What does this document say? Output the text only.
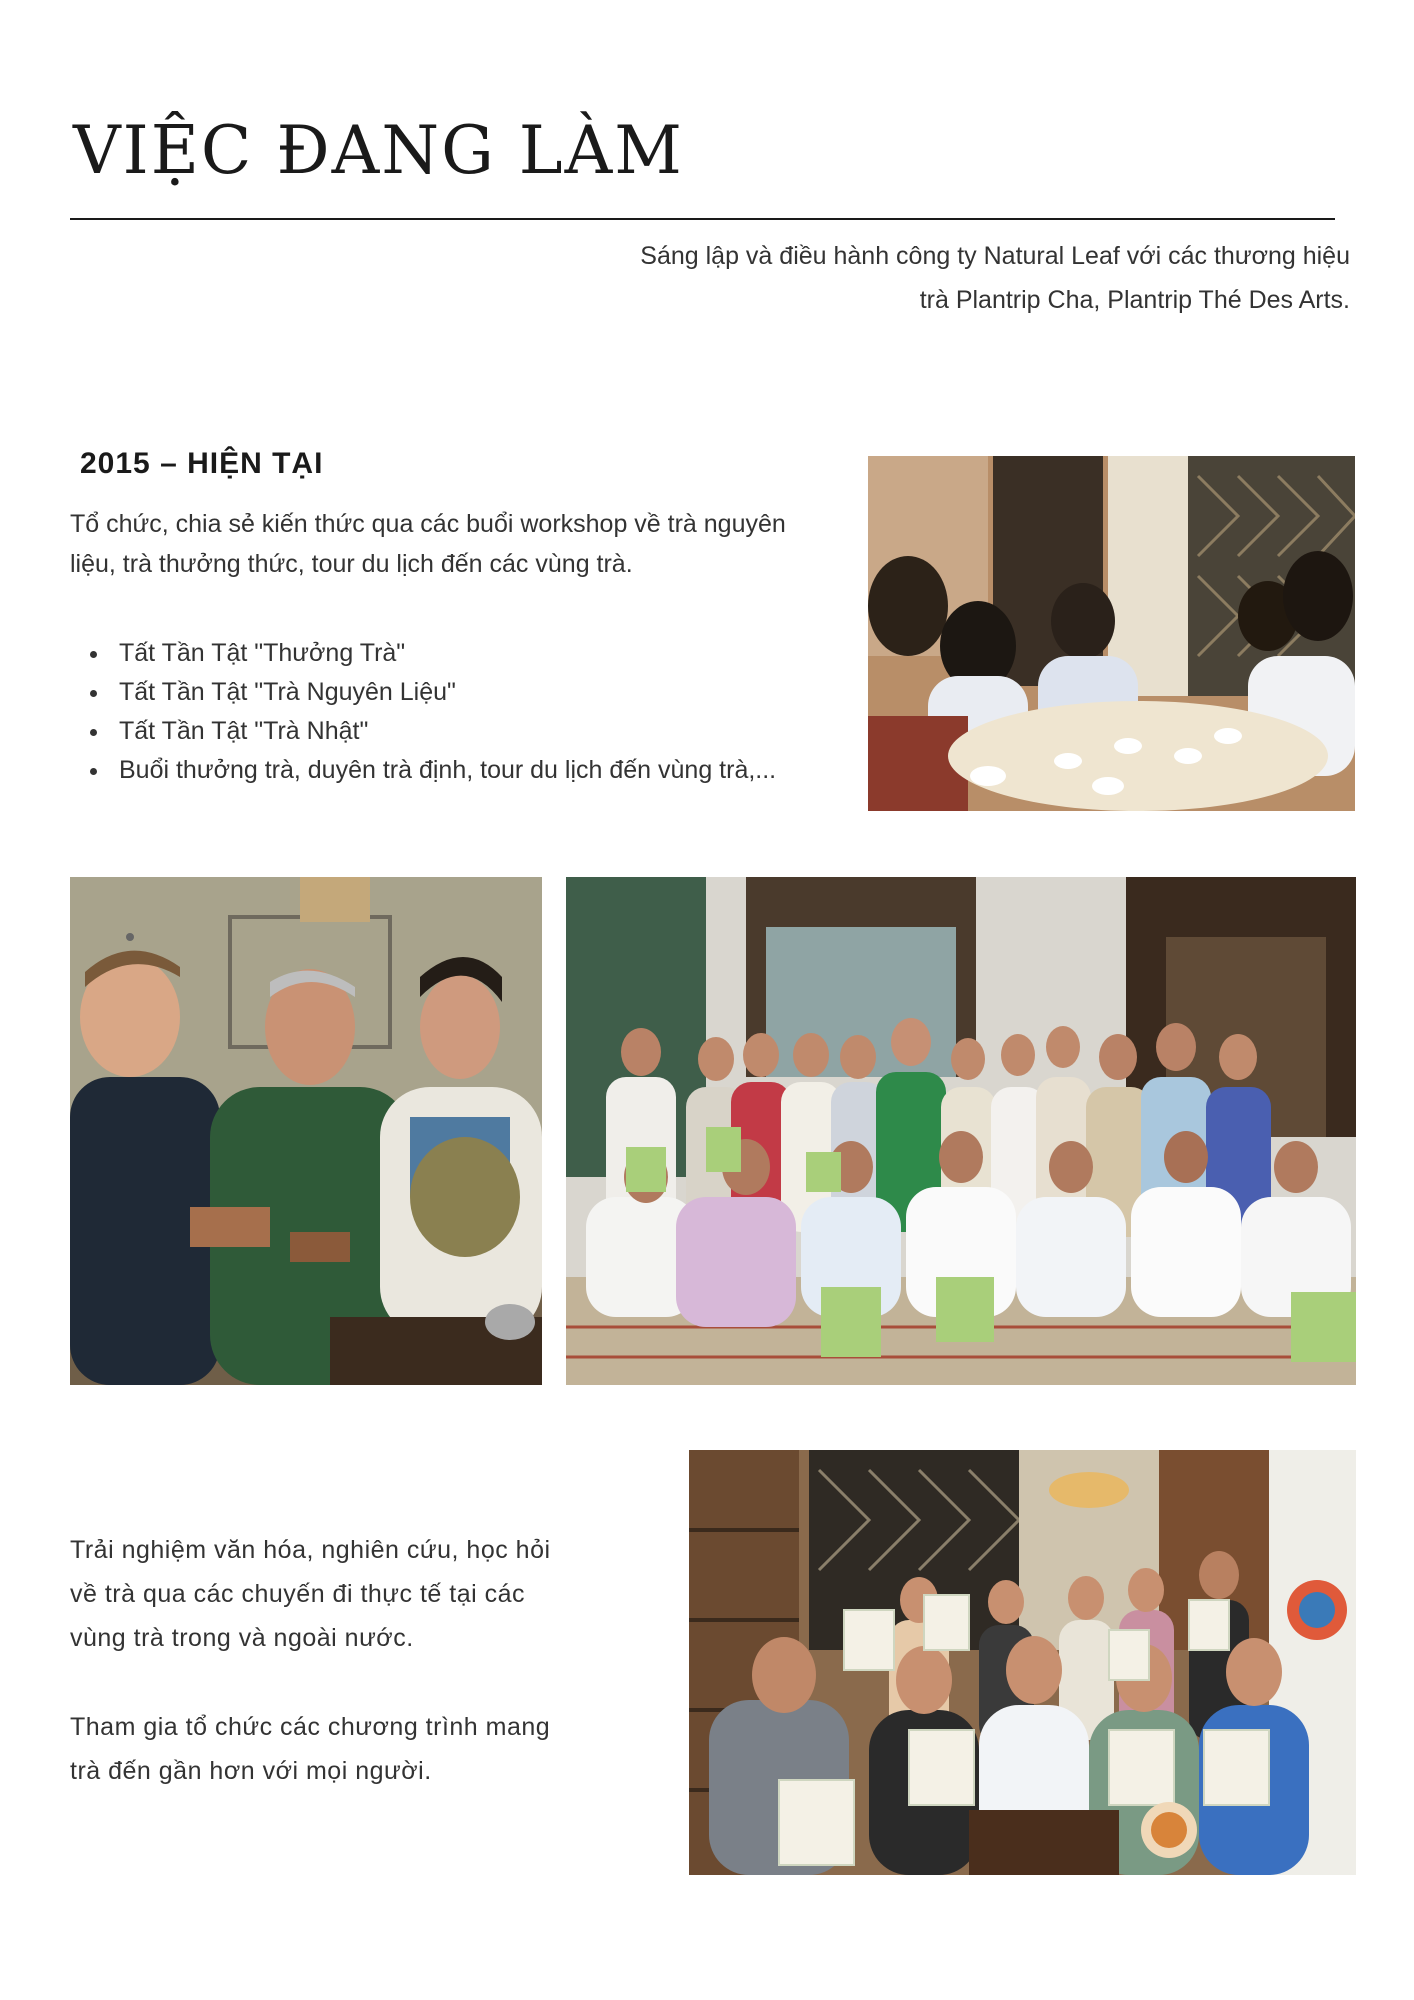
VIỆC ĐANG LÀM

Sáng lập và điều hành công ty Natural Leaf với các thương hiệu
trà Plantrip Cha, Plantrip Thé Des Arts.

2015 – HIỆN TẠI

Tổ chức, chia sẻ kiến thức qua các buổi workshop về trà nguyên
liệu, trà thưởng thức, tour du lịch đến các vùng trà.

Tất Tần Tật "Thưởng Trà"
Tất Tần Tật "Trà Nguyên Liệu"
Tất Tần Tật "Trà Nhật"
Buổi thưởng trà, duyên trà định, tour du lịch đến vùng trà,...

Trải nghiệm văn hóa, nghiên cứu, học hỏi
về trà qua các chuyến đi thực tế tại các
vùng trà trong và ngoài nước.

Tham gia tổ chức các chương trình mang
trà đến gần hơn với mọi người.
